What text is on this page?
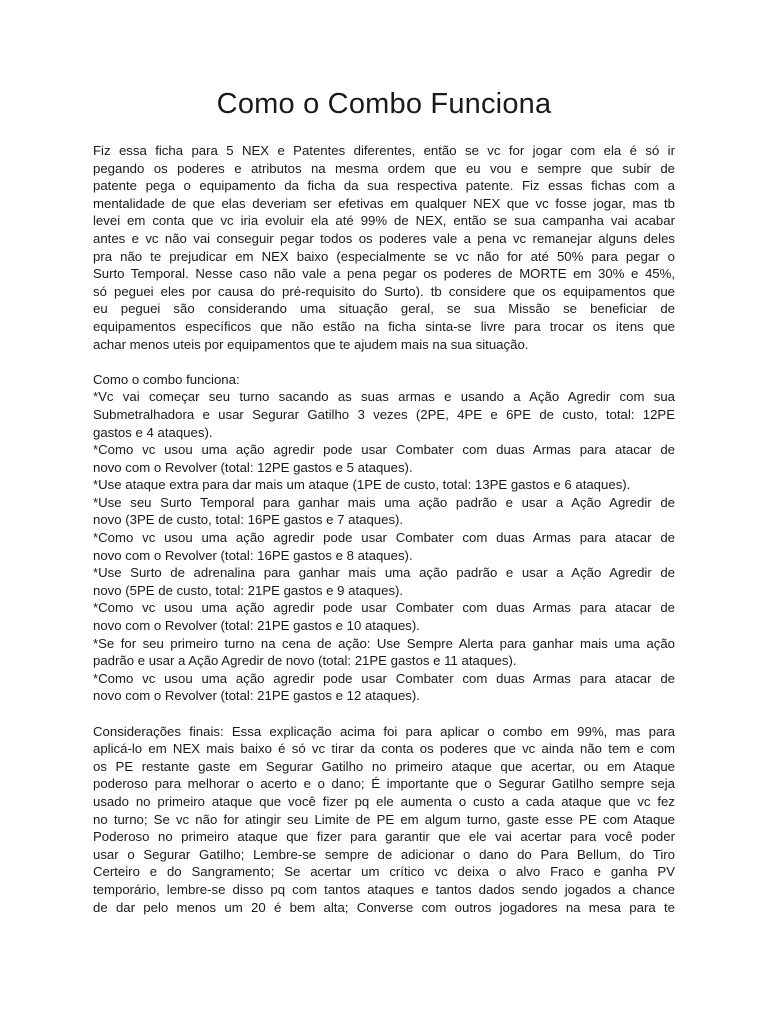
Como o Combo Funciona
Fiz essa ficha para 5 NEX e Patentes diferentes, então se vc for jogar com ela é só ir
pegando os poderes e atributos na mesma ordem que eu vou e sempre que subir de
patente pega o equipamento da ficha da sua respectiva patente. Fiz essas fichas com a
mentalidade de que elas deveriam ser efetivas em qualquer NEX que vc fosse jogar, mas tb
levei em conta que vc iria evoluir ela até 99% de NEX, então se sua campanha vai acabar
antes e vc não vai conseguir pegar todos os poderes vale a pena vc remanejar alguns deles
pra não te prejudicar em NEX baixo (especialmente se vc não for até 50% para pegar o
Surto Temporal. Nesse caso não vale a pena pegar os poderes de MORTE em 30% e 45%,
só peguei eles por causa do pré-requisito do Surto). tb considere que os equipamentos que
eu peguei são considerando uma situação geral, se sua Missão se beneficiar de
equipamentos específicos que não estão na ficha sinta-se livre para trocar os itens que
achar menos uteis por equipamentos que te ajudem mais na sua situação.
Como o combo funciona:
*Vc vai começar seu turno sacando as suas armas e usando a Ação Agredir com sua
Submetralhadora e usar Segurar Gatilho 3 vezes (2PE, 4PE e 6PE de custo, total: 12PE
gastos e 4 ataques).
*Como vc usou uma ação agredir pode usar Combater com duas Armas para atacar de
novo com o Revolver (total: 12PE gastos e 5 ataques).
*Use ataque extra para dar mais um ataque (1PE de custo, total: 13PE gastos e 6 ataques).
*Use seu Surto Temporal para ganhar mais uma ação padrão e usar a Ação Agredir de
novo (3PE de custo, total: 16PE gastos e 7 ataques).
*Como vc usou uma ação agredir pode usar Combater com duas Armas para atacar de
novo com o Revolver (total: 16PE gastos e 8 ataques).
*Use Surto de adrenalina para ganhar mais uma ação padrão e usar a Ação Agredir de
novo (5PE de custo, total: 21PE gastos e 9 ataques).
*Como vc usou uma ação agredir pode usar Combater com duas Armas para atacar de
novo com o Revolver (total: 21PE gastos e 10 ataques).
*Se for seu primeiro turno na cena de ação: Use Sempre Alerta para ganhar mais uma ação
padrão e usar a Ação Agredir de novo (total: 21PE gastos e 11 ataques).
*Como vc usou uma ação agredir pode usar Combater com duas Armas para atacar de
novo com o Revolver (total: 21PE gastos e 12 ataques).
Considerações finais: Essa explicação acima foi para aplicar o combo em 99%, mas para
aplicá-lo em NEX mais baixo é só vc tirar da conta os poderes que vc ainda não tem e com
os PE restante gaste em Segurar Gatilho no primeiro ataque que acertar, ou em Ataque
poderoso para melhorar o acerto e o dano; É importante que o Segurar Gatilho sempre seja
usado no primeiro ataque que você fizer pq ele aumenta o custo a cada ataque que vc fez
no turno; Se vc não for atingir seu Limite de PE em algum turno, gaste esse PE com Ataque
Poderoso no primeiro ataque que fizer para garantir que ele vai acertar para você poder
usar o Segurar Gatilho; Lembre-se sempre de adicionar o dano do Para Bellum, do Tiro
Certeiro e do Sangramento; Se acertar um crítico vc deixa o alvo Fraco e ganha PV
temporário, lembre-se disso pq com tantos ataques e tantos dados sendo jogados a chance
de dar pelo menos um 20 é bem alta; Converse com outros jogadores na mesa para te
